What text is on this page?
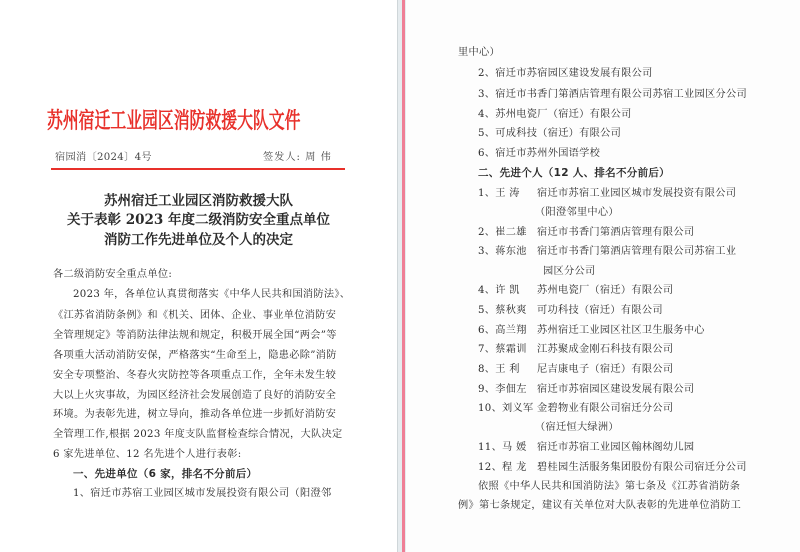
苏州宿迁工业园区消防救援大队文件
宿园消〔2024〕4号	签发人: 周 伟
苏州宿迁工业园区消防救援大队
关于表彰 2023 年度二级消防安全重点单位
消防工作先进单位及个人的决定
各二级消防安全重点单位:
2023 年，各单位认真贯彻落实《中华人民共和国消防法》、
《江苏省消防条例》和《机关、团体、企业、事业单位消防安
全管理规定》等消防法律法规和规定，积极开展全国“两会”等
各项重大活动消防安保，严格落实“生命至上，隐患必除”消防
安全专项整治、冬春火灾防控等各项重点工作，全年未发生较
大以上火灾事故，为园区经济社会发展创造了良好的消防安全
环境。为表彰先进，树立导向，推动各单位进一步抓好消防安
全管理工作,根据 2023 年度支队监督检查综合情况，大队决定
6 家先进单位、12 名先进个人进行表彰:
一、先进单位（6 家，排名不分前后）
1、宿迁市苏宿工业园区城市发展投资有限公司（阳澄邻
里中心）
2、宿迁市苏宿园区建设发展有限公司
3、宿迁市书香门第酒店管理有限公司苏宿工业园区分公司
4、苏州电瓷厂（宿迁）有限公司
5、可成科技（宿迁）有限公司
6、宿迁市苏州外国语学校
二、先进个人（12 人、排名不分前后）
1、王 涛 宿迁市苏宿工业园区城市发展投资有限公司
（阳澄邻里中心）
2、崔二雄 宿迁市书香门第酒店管理有限公司
3、蒋东池 宿迁市书香门第酒店管理有限公司苏宿工业
园区分公司
4、许 凯 苏州电瓷厂（宿迁）有限公司
5、蔡秋爽 可功科技（宿迁）有限公司
6、高兰翔 苏州宿迁工业园区社区卫生服务中心
7、蔡霜训 江苏聚成金刚石科技有限公司
8、王 利 尼吉康电子（宿迁）有限公司
9、李佃左 宿迁市苏宿园区建设发展有限公司
10、刘义军 金碧物业有限公司宿迁分公司
（宿迁恒大绿洲）
11、马 媛 宿迁市苏宿工业园区翰林阁幼儿园
12、程 龙 碧桂园生活服务集团股份有限公司宿迁分公司
依照《中华人民共和国消防法》第七条及《江苏省消防条
例》第七条规定，建议有关单位对大队表彰的先进单位消防工
